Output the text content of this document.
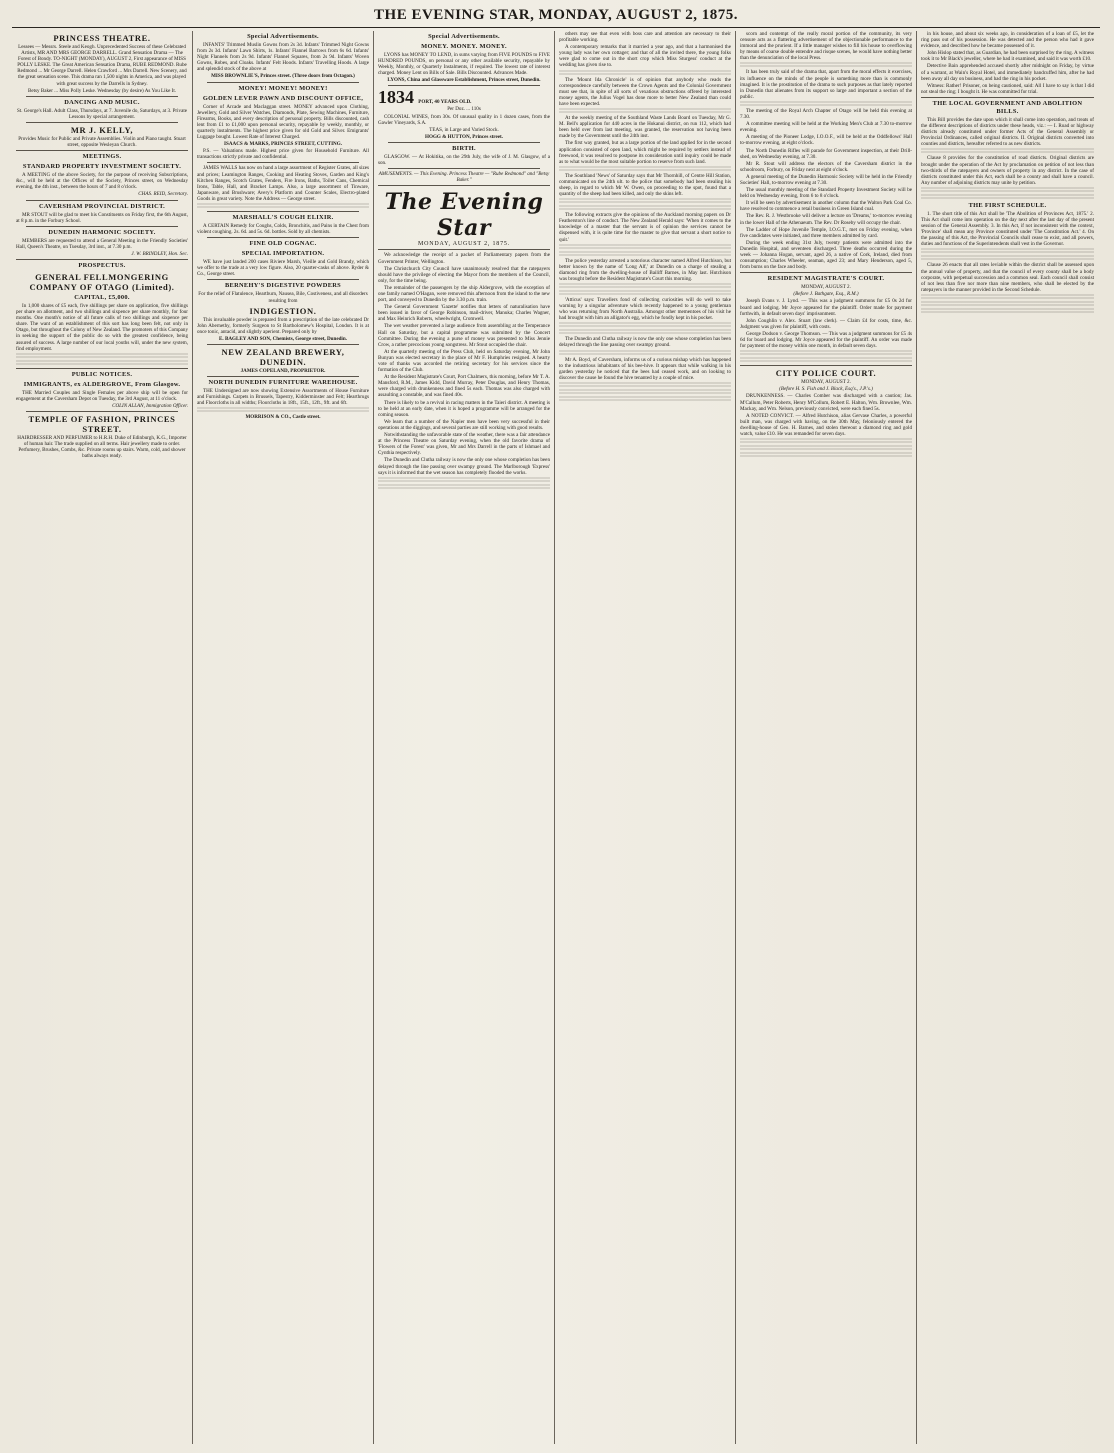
THE EVENING STAR, MONDAY, AUGUST 2, 1875.
PRINCESS THEATRE.

Lessees — Messrs. Steele and Keogh. Unprecedented Success of these Celebrated Artists, MR AND MRS GEORGE DARRELL. Grand Sensation Drama — The Forest of Bondy. TO-NIGHT (MONDAY), AUGUST 2, First appearance of MISS POLLY LESKE. The Great American Sensation Drama, RUBE REDMOND. Rube Redmond ... Mr George Darrell. Helen Crawford ... Mrs Darrell. New Scenery, and the great sensation scene. This drama ran 1,500 nights in America, and was played with great success by the Darrells in Sydney.

Betsy Baker ... Miss Polly Leske. Wednesday (by desire) As You Like It.

DANCING AND MUSIC.

St. George's Hall. Adult Class, Thursdays, at 7. Juvenile do, Saturdays, at 3. Private Lessons by special arrangement.

MR J. KELLY,

Provides Music for Public and Private Assemblies. Violin and Piano taught. Stuart street, opposite Wesleyan Church.

MEETINGS.
STANDARD PROPERTY INVESTMENT SOCIETY.

A MEETING of the above Society, for the purpose of receiving Subscriptions, &c., will be held at the Offices of the Society, Princes street, on Wednesday evening, the 4th inst., between the hours of 7 and 8 o'clock.

CHAS. REID, Secretary.

CAVERSHAM PROVINCIAL DISTRICT.

MR STOUT will be glad to meet his Constituents on Friday first, the 6th August, at 8 p.m. in the Forbury School.

DUNEDIN HARMONIC SOCIETY.

MEMBERS are requested to attend a General Meeting in the Friendly Societies' Hall, Queen's Theatre, on Tuesday, 3rd inst., at 7.30 p.m.

J. W. BRINDLEY, Hon. Sec.

PROSPECTUS.
GENERAL FELLMONGERING COMPANY OF OTAGO (Limited).
CAPITAL, £5,000.

In 1,000 shares of £5 each, five shillings per share on application, five shillings per share on allotment, and two shillings and sixpence per share monthly, for four months. One month's notice of all future calls of two shillings and sixpence per share. The want of an establishment of this sort has long been felt, not only in Otago, but throughout the Colony of New Zealand. The promoters of this Company in seeking the support of the public do so with the greatest confidence, being assured of success. A large number of our local youths will, under the new system, find employment.

PUBLIC NOTICES.
IMMIGRANTS, ex ALDERGROVE, From Glasgow.

THE Married Couples and Single Females per above ship will be open for engagement at the Caversham Depot on Tuesday, the 3rd August, at 11 o'clock.

COLIN ALLAN, Immigration Officer.

TEMPLE OF FASHION, PRINCES STREET.

HAIRDRESSER AND PERFUMER to H.R.H. Duke of Edinburgh, K.G., Importer of human hair. The trade supplied on all terms. Hair jewellery made to order. Perfumery, Brushes, Combs, &c. Private rooms up stairs. Warm, cold, and shower baths always ready.

Special Advertisements.

INFANTS' Trimmed Muslin Gowns from 2s 3d. Infants' Trimmed Night Gowns from 2s 3d. Infants' Lawn Shirts, 1s. Infants' Flannel Barrows from 6s 6d. Infants' Night Flannels from 2s 9d. Infants' Flannel Squares, from 2s 9d. Infants' Woven Gowns, Robes, and Cloaks. Infants' Felt Hoods. Infants' Travelling Hoods. A large and splendid stock of the above at

MISS BROWNLIE'S, Princes street. (Three doors from Octagon.)

MONEY! MONEY! MONEY!
GOLDEN LEVER PAWN AND DISCOUNT OFFICE,

Corner of Arcade and Maclaggan street. MONEY advanced upon Clothing, Jewellery, Gold and Silver Watches, Diamonds, Plate, Sewing Machines, Furniture, Firearms, Books, and every description of personal property. Bills discounted, cash lent from £1 to £1,000 upon personal security, repayable by weekly, monthly, or quarterly instalments. The highest price given for old Gold and Silver. Emigrants' Luggage bought. Lowest Rate of Interest Charged.

ISAACS & MARKS, PRINCES STREET, CUTTING.

P.S. — Valuations made. Highest price given for Household Furniture. All transactions strictly private and confidential.

JAMES WALLS has now on hand a large assortment of Register Grates, all sizes and prices; Leamington Ranges, Cooking and Heating Stoves, Garden and King's Kitchen Ranges, Scotch Grates, Fenders, Fire Irons, Baths, Toilet Cans, Chemical Irons, Table, Hall, and Bracket Lamps. Also, a large assortment of Tinware, Japanware, and Brushware; Avery's Platform and Counter Scales, Electro-plated Goods in great variety. Note the Address — George street.

MARSHALL'S COUGH ELIXIR.

A CERTAIN Remedy for Coughs, Colds, Bronchitis, and Pains in the Chest from violent coughing. 2s. 6d. and 5s. 6d. bottles. Sold by all chemists.

FINE OLD COGNAC.
SPECIAL IMPORTATION.

WE have just landed 200 cases Riviere Marsh, Vieille and Gold Brandy, which we offer to the trade at a very low figure. Also, 20 quarter-casks of above. Ryder & Co., George street.

BERNEHY'S DIGESTIVE POWDERS

For the relief of Flatulence, Heartburn, Nausea, Bile, Costiveness, and all disorders resulting from

INDIGESTION.

This invaluable powder is prepared from a prescription of the late celebrated Dr John Abernethy, formerly Surgeon to St Bartholomew's Hospital, London. It is at once tonic, antacid, and slightly aperient. Prepared only by

E. BAGLEY AND SON, Chemists, George street, Dunedin.

NEW ZEALAND BREWERY, DUNEDIN.

JAMES COPELAND, PROPRIETOR.

NORTH DUNEDIN FURNITURE WAREHOUSE.

THE Undersigned are now showing Extensive Assortments of House Furniture and Furnishings. Carpets in Brussels, Tapestry, Kidderminster and Felt; Hearthrugs and Floorcloths in all widths; Floorcloths in 18ft., 15ft., 12ft., 9ft. and 6ft.

MORRISON & CO., Castle street.

Special Advertisements.
MONEY. MONEY. MONEY.

LYONS has MONEY TO LEND, in sums varying from FIVE POUNDS to FIVE HUNDRED POUNDS, on personal or any other available security, repayable by Weekly, Monthly, or Quarterly Instalments, if required. The lowest rate of interest charged. Money Lent on Bills of Sale. Bills Discounted. Advances Made.

LYONS, China and Glassware Establishment, Princes street, Dunedin.

1834 PORT, 40 YEARS OLD.

Per Doz. ... 110s

COLONIAL WINES, from 30s. Of unusual quality in 1 dozen cases, from the Gawler Vineyards, S.A.

TEAS, in Large and Varied Stock.

HOGG & HUTTON, Princes street.

BIRTH.

GLASGOW. — At Hokitika, on the 29th July, the wife of J. M. Glasgow, of a son.

AMUSEMENTS. — This Evening. Princess Theatre — "Rube Redmond" and "Betsy Baker."

The Evening Star
MONDAY, AUGUST 2, 1875.

We acknowledge the receipt of a packet of Parliamentary papers from the Government Printer, Wellington.

The Christchurch City Council have unanimously resolved that the ratepayers should have the privilege of electing the Mayor from the members of the Council, only, for the time being.

The remainder of the passengers by the ship Aldergrove, with the exception of one family named O'Hagan, were removed this afternoon from the island to the new port, and conveyed to Dunedin by the 3.30 p.m. train.

The General Government 'Gazette' notifies that letters of naturalisation have been issued in favor of George Robinson, mail-driver, Manuka; Charles Wagner, and Max Heinrich Roberts, wheelwright, Cromwell.

The wet weather prevented a large audience from assembling at the Temperance Hall on Saturday, but a capital programme was submitted by the Concert Committee. During the evening a purse of money was presented to Miss Jennie Crow, a rather precocious young songstress. Mr Stout occupied the chair.

At the quarterly meeting of the Press Club, held on Saturday evening, Mr John Bunyan was elected secretary in the place of Mr F. Humphries resigned. A hearty vote of thanks was accorded the retiring secretary for his services since the formation of the Club.

At the Resident Magistrate's Court, Port Chalmers, this morning, before Mr T. A. Mansford, R.M., James Kidd, David Murray, Peter Douglas, and Henry Thomas, were charged with drunkenness and fined 5s each. Thomas was also charged with assaulting a constable, and was fined 40s.

There is likely to be a revival in racing matters in the Taieri district. A meeting is to be held at an early date, when it is hoped a programme will be arranged for the coming season.

We learn that a number of the Napier men have been very successful in their operations at the diggings, and several parties are still working with good results.

Notwithstanding the unfavorable state of the weather, there was a fair attendance at the Princess Theatre on Saturday evening, when the old favorite drama of 'Flowers of the Forest' was given, Mr and Mrs Darrell in the parts of Ishmael and Cynthia respectively.

The Dunedin and Clutha railway is now the only one whose completion has been delayed through the line passing over swampy ground. The Marlborough 'Express' says it is informed that the wet season has completely flooded the works.

others may see that even with boss care and attention are necessary to their profitable working.

A contemporary remarks that it married a year ago, and that a harmonised the young lady was her own cottager; and that of all the invited there, the young folks were glad to come out in the short crop which Miss Sturgess' conduct at the wedding has given rise to.

The 'Mount Ida Chronicle' is of opinion that anybody who reads the correspondence carefully between the Crown Agents and the Colonial Government must see that, in spite of all sorts of vexatious obstructions offered by interested money agents, the Julius Vogel has done more to better New Zealand than could have been expected.

At the weekly meeting of the Southland Waste Lands Board on Tuesday, Mr G. M. Bell's application for 440 acres in the Hokanui district, on run 112, which had been held over from last meeting, was granted, the reservation not having been made by the Government until the 24th inst.

The first way granted, but as a large portion of the land applied for in the second application consisted of open land, which might be required by settlers instead of freewood, it was resolved to postpone its consideration until inquiry could be made as to what would be the most suitable portion to reserve from such land.

The Southland 'News' of Saturday says that Mr Thornhill, of Centre Hill Station, communicated on the 24th ult. to the police that somebody had been stealing his sheep, in regard to which Mr W. Owen, on proceeding to the spot, found that a quantity of the sheep had been killed, and only the skins left.

The following extracts give the opinions of the Auckland morning papers on Dr Featherston's line of conduct. The New Zealand Herald says: 'When it comes to the knowledge of a master that the servant is of opinion the services cannot be dispensed with, it is quite time for the master to give that servant a short notice to quit.'

The police yesterday arrested a notorious character named Alfred Hutchison, but better known by the name of 'Long Alf,' at Dunedin on a charge of stealing a diamond ring from the dwelling-house of Bailiff Barnes, in May last. Hutchison was brought before the Resident Magistrate's Court this morning.

'Atticus' says: Travellers fond of collecting curiosities will do well to take warning by a singular adventure which recently happened to a young gentleman who was returning from North Australia. Amongst other mementoes of his visit he had brought with him an alligator's egg, which he fondly kept in his pocket.

The Dunedin and Clutha railway is now the only one whose completion has been delayed through the line passing over swampy ground.

Mr A. Boyd, of Caversham, informs us of a curious mishap which has happened to the industrious inhabitants of his bee-hive. It appears that while walking in his garden yesterday he noticed that the bees had ceased work, and on looking to discover the cause he found the hive tenanted by a couple of mice.

scorn and contempt of the really moral portion of the community, its very censure acts as a flattering advertisement of the objectionable performance to the immoral and the prurient. If a little manager wishes to fill his house to overflowing by means of coarse double entendre and risque scenes, he would have nothing better than the denunciation of the local Press.

It has been truly said of the drama that, apart from the moral effects it exercises, its influence on the minds of the people is something more than is commonly imagined. It is the prostitution of the drama to such purposes as that lately reported in Dunedin that alienates from its support so large and important a section of the public.

The meeting of the Royal Arch Chapter of Otago will be held this evening at 7.30.

A committee meeting will be held at the Working Men's Club at 7.30 to-morrow evening.

A meeting of the Pioneer Lodge, I.O.O.F., will be held at the Oddfellows' Hall to-morrow evening, at eight o'clock.

The North Dunedin Rifles will parade for Government inspection, at their Drill-shed, on Wednesday evening, at 7.30.

Mr R. Stout will address the electors of the Caversham district in the schoolroom, Forbury, on Friday next at eight o'clock.

A general meeting of the Dunedin Harmonic Society will be held in the Friendly Societies' Hall, to-morrow evening at 7.30.

The usual monthly meeting of the Standard Property Investment Society will be held on Wednesday evening, from 6 to 8 o'clock.

It will be seen by advertisement in another column that the Walton Park Coal Co. have resolved to commence a retail business in Green Island coal.

The Rev. R. J. Westbrooke will deliver a lecture on 'Dreams,' to-morrow evening in the lower Hall of the Athenaeum. The Rev. Dr Roseby will occupy the chair.

The Ladder of Hope Juvenile Temple, I.O.G.T., met on Friday evening, when five candidates were initiated, and three members admitted by card.

During the week ending 31st July, twenty patients were admitted into the Dunedin Hospital, and seventeen discharged. Three deaths occurred during the week — Johanna Hogan, servant, aged 26, a native of Cork, Ireland, died from consumption; Charles Wheeler, seaman, aged 23; and Mary Henderson, aged 5, from burns on the face and body.

RESIDENT MAGISTRATE'S COURT.

MONDAY, AUGUST 2.

(Before J. Bathgate, Esq., R.M.)

Joseph Evans v. J. Lynd. — This was a judgment summons for £5 0s 2d for board and lodging. Mr Joyce appeared for the plaintiff. Order made for payment forthwith, in default seven days' imprisonment.

John Coughlin v. Alex. Stuart (law clerk). — Claim £4 for costs, time, &c. Judgment was given for plaintiff, with costs.

George Dodson v. George Thomson. — This was a judgment summons for £5 4s 6d for board and lodging. Mr Joyce appeared for the plaintiff. An order was made for payment of the money within one month, in default seven days.

CITY POLICE COURT.

MONDAY, AUGUST 2.

(Before H. S. Fish and J. Black, Esq's., J.P.'s.)

DRUNKENNESS. — Charles Comber was discharged with a caution; Jas. M'Callum, Peter Roberts, Henry M'Collum, Robert E. Halton, Wm. Brownlee, Wm. Mackay, and Wm. Nelson, previously convicted, were each fined 5s.

A NOTED CONVICT. — Alfred Hutchison, alias Gervase Charles, a powerful built man, was charged with having, on the 30th May, feloniously entered the dwelling-house of Geo. H. Barnes, and stolen thereout a diamond ring and gold watch, value £10. He was remanded for seven days.

in his house, and about six weeks ago, in consideration of a loan of £5, let the ring pass out of his possession. He was detected and the person who had it gave evidence, and described how he became possessed of it.

John Hislop stated that, as Guardian, he had been surprised by the ring. A witness took it to Mr Black's jeweller, where he had it examined, and said it was worth £10.

Detective Bain apprehended accused shortly after midnight on Friday, by virtue of a warrant, at Wain's Royal Hotel, and immediately handcuffed him, after he had been away all day on business, and had the ring in his pocket.

Witness: Rather! Prisoner, on being cautioned, said: All I have to say is that I did not steal the ring; I bought it. He was committed for trial.

THE LOCAL GOVERNMENT AND ABOLITION BILLS.

This Bill provides the date upon which it shall come into operation, and treats of the different descriptions of districts under these heads, viz.: — I. Road or highway districts already constituted under former Acts of the General Assembly or Provincial Ordinances, called original districts. II. Original districts converted into counties and districts, hereafter referred to as new districts.

Clause 8 provides for the constitution of road districts. Original districts are brought under the operation of the Act by proclamation on petition of not less than two-thirds of the ratepayers and owners of property in any district. In the case of districts constituted under this Act, each shall be a county and shall have a council. Any number of adjoining districts may unite by petition.

THE FIRST SCHEDULE.

1. The short title of this Act shall be 'The Abolition of Provinces Act, 1875.' 2. This Act shall come into operation on the day next after the last day of the present session of the General Assembly. 3. In this Act, if not inconsistent with the context, 'Province' shall mean any Province constituted under 'The Constitution Act.' 4. On the passing of this Act, the Provincial Councils shall cease to exist, and all powers, duties and functions of the Superintendents shall vest in the Governor.

Clause 26 enacts that all rates leviable within the district shall be assessed upon the annual value of property, and that the council of every county shall be a body corporate, with perpetual succession and a common seal. Each council shall consist of not less than five nor more than nine members, who shall be elected by the ratepayers in the manner provided in the Second Schedule.
